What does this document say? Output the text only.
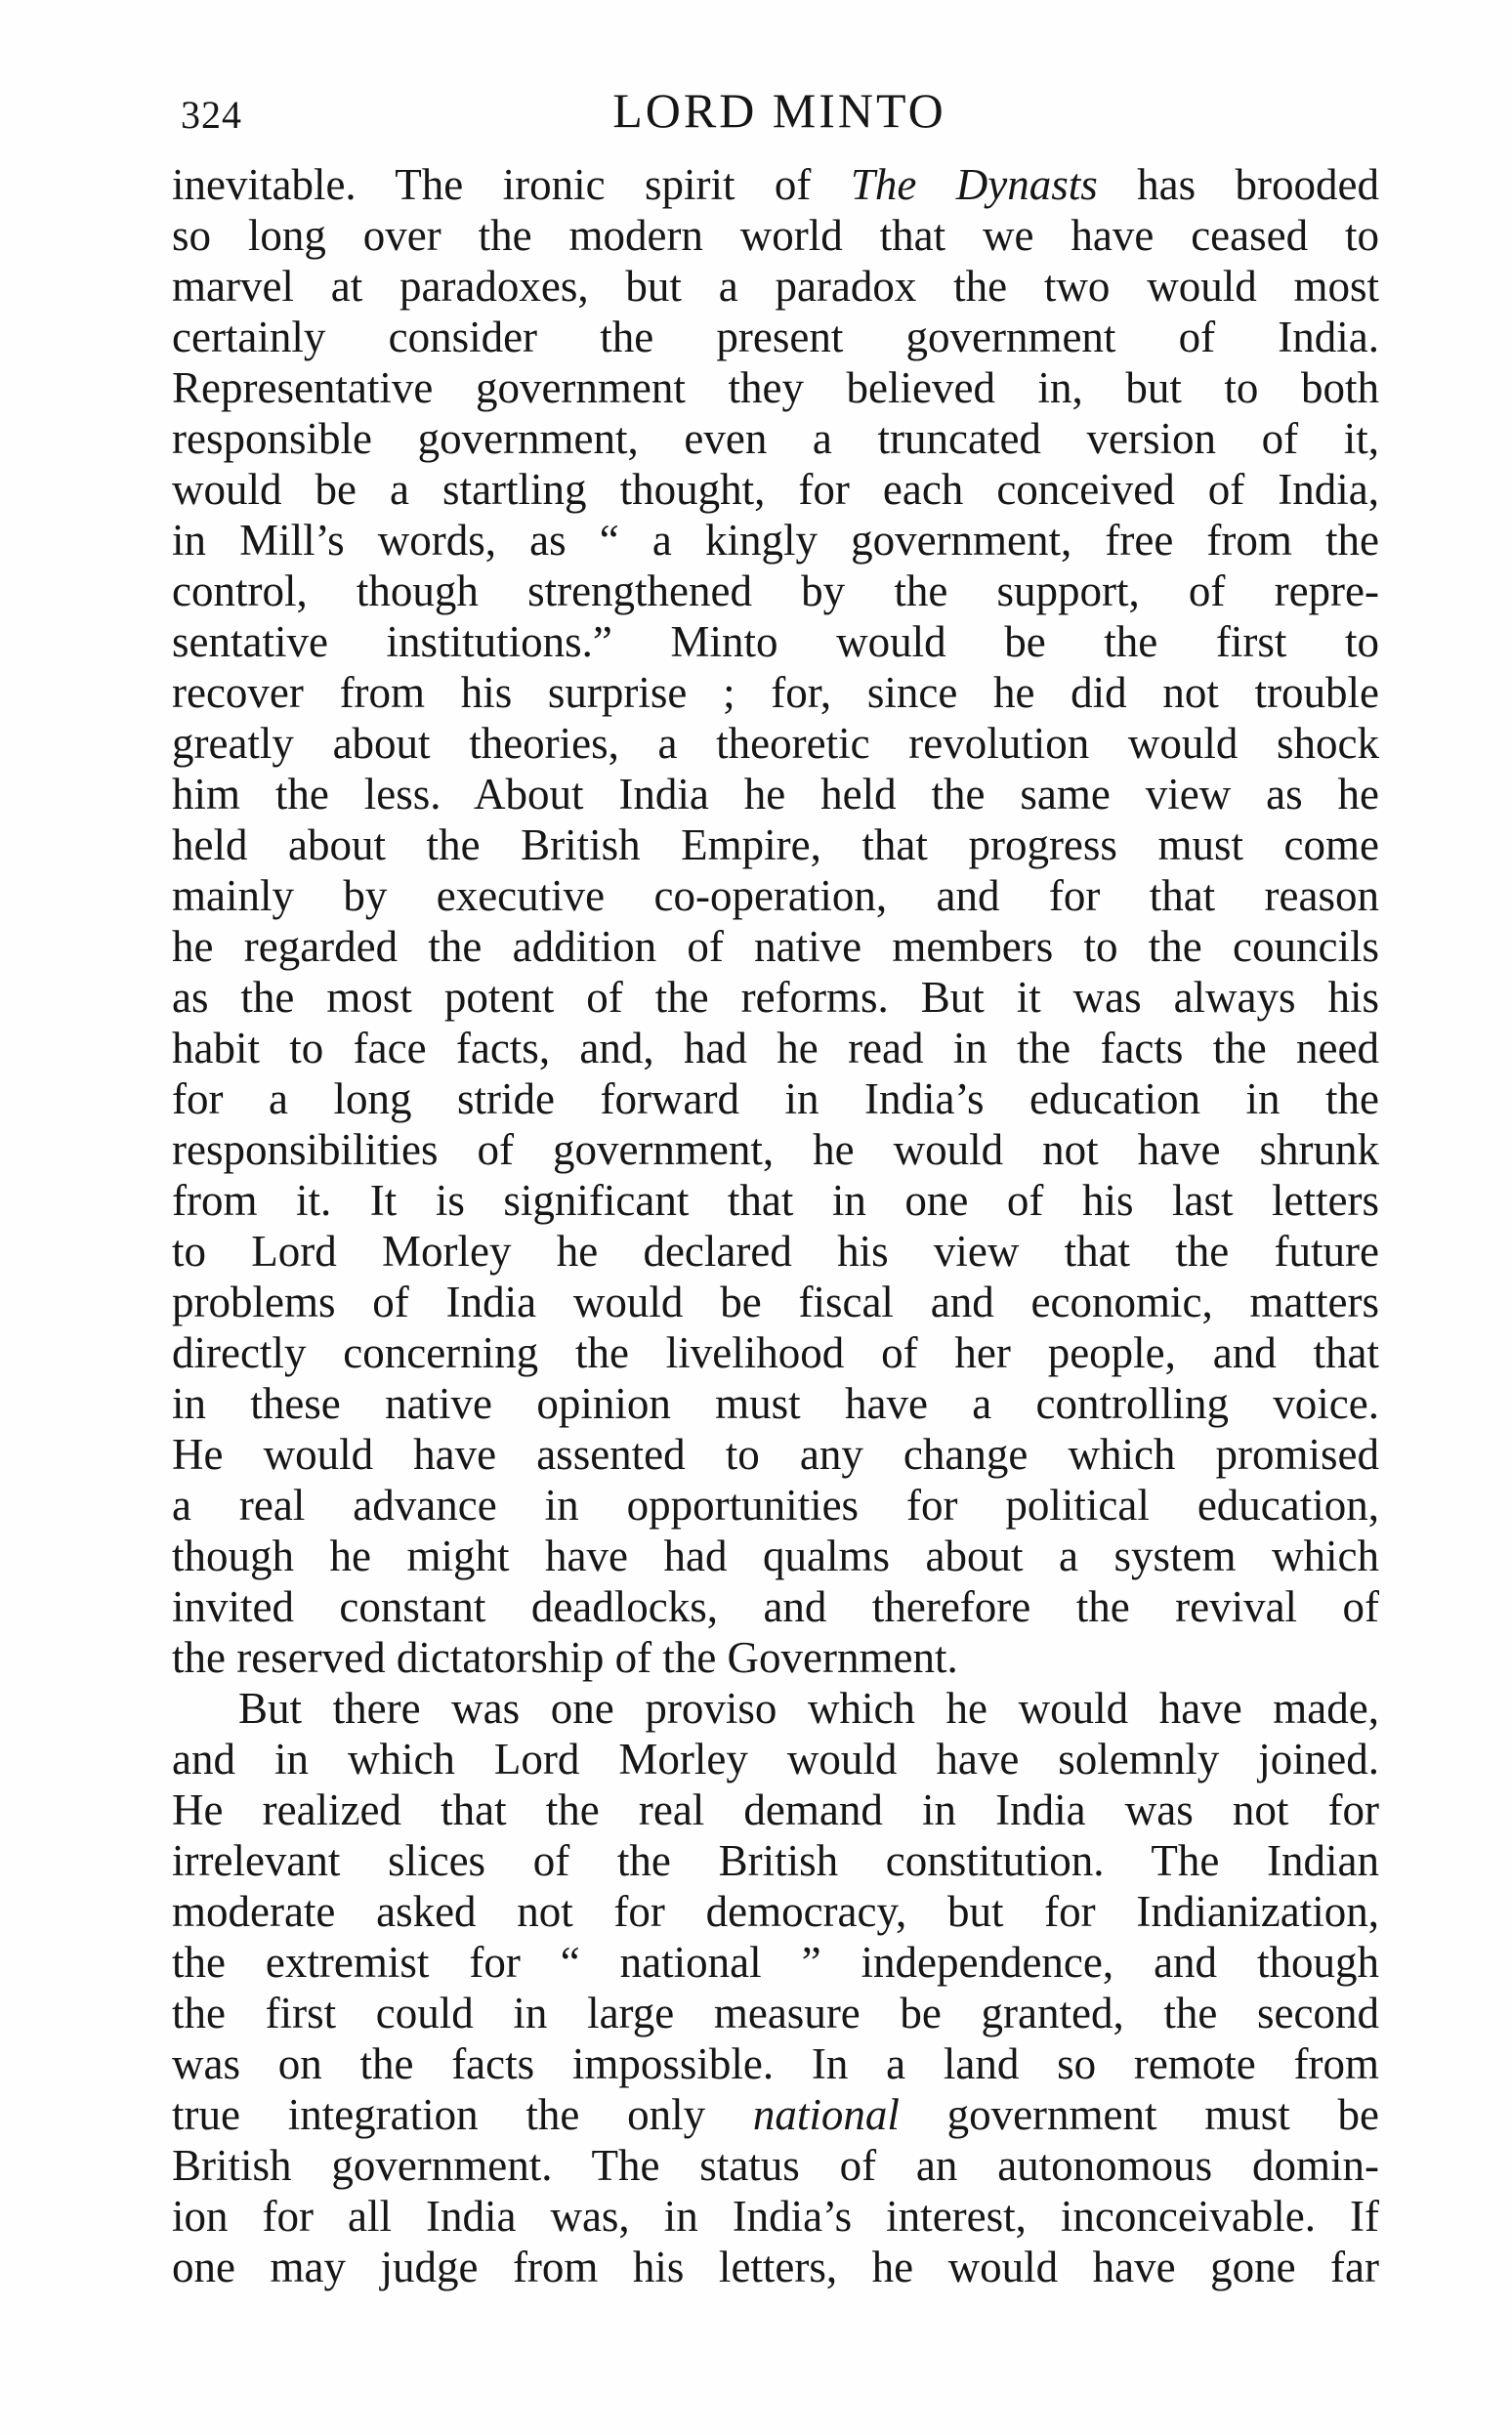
324	LORD MINTO
inevitable. The ironic spirit of The Dynasts has brooded
so long over the modern world that we have ceased to
marvel at paradoxes, but a paradox the two would most
certainly consider the present government of India.
Representative government they believed in, but to both
responsible government, even a truncated version of it,
would be a startling thought, for each conceived of India,
in Mill’s words, as “ a kingly government, free from the
control, though strengthened by the support, of repre-
sentative institutions.” Minto would be the first to
recover from his surprise ; for, since he did not trouble
greatly about theories, a theoretic revolution would shock
him the less. About India he held the same view as he
held about the British Empire, that progress must come
mainly by executive co-operation, and for that reason
he regarded the addition of native members to the councils
as the most potent of the reforms. But it was always his
habit to face facts, and, had he read in the facts the need
for a long stride forward in India’s education in the
responsibilities of government, he would not have shrunk
from it. It is significant that in one of his last letters
to Lord Morley he declared his view that the future
problems of India would be fiscal and economic, matters
directly concerning the livelihood of her people, and that
in these native opinion must have a controlling voice.
He would have assented to any change which promised
a real advance in opportunities for political education,
though he might have had qualms about a system which
invited constant deadlocks, and therefore the revival of
the reserved dictatorship of the Government.
But there was one proviso which he would have made,
and in which Lord Morley would have solemnly joined.
He realized that the real demand in India was not for
irrelevant slices of the British constitution. The Indian
moderate asked not for democracy, but for Indianization,
the extremist for “ national ” independence, and though
the first could in large measure be granted, the second
was on the facts impossible. In a land so remote from
true integration the only national government must be
British government. The status of an autonomous domin-
ion for all India was, in India’s interest, inconceivable. If
one may judge from his letters, he would have gone far
